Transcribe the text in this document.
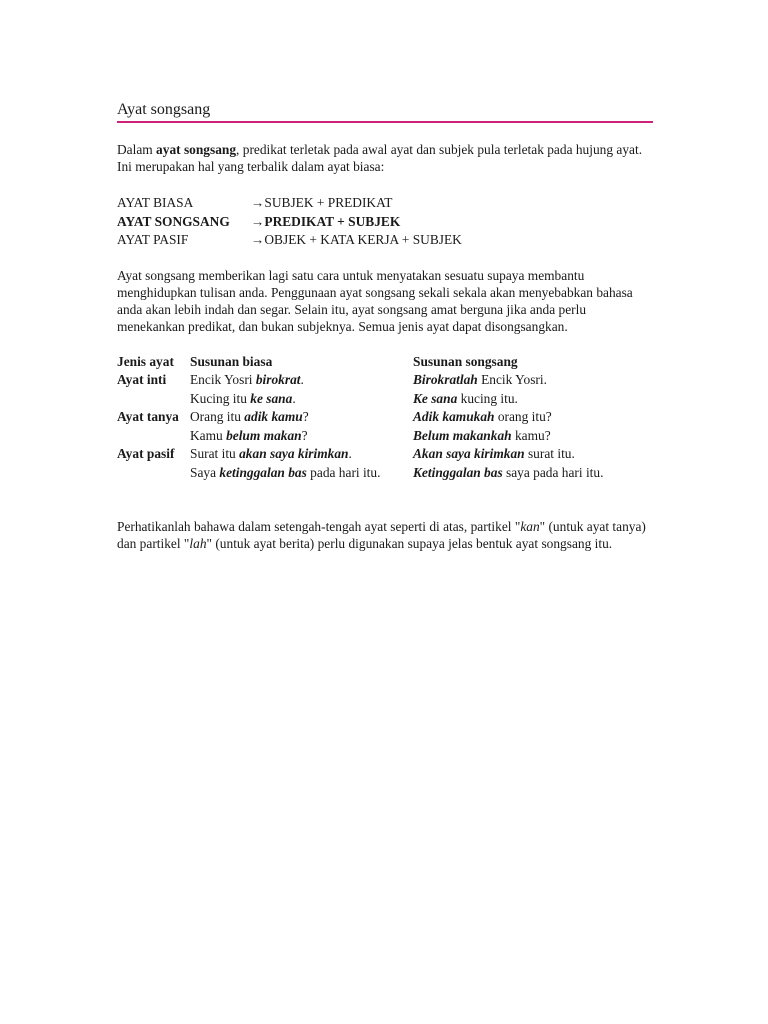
Ayat songsang

Dalam ayat songsang, predikat terletak pada awal ayat dan subjek pula terletak pada hujung ayat. Ini merupakan hal yang terbalik dalam ayat biasa:

AYAT BIASA	→SUBJEK + PREDIKAT
AYAT SONGSANG	→PREDIKAT + SUBJEK
AYAT PASIF	→OBJEK + KATA KERJA + SUBJEK

Ayat songsang memberikan lagi satu cara untuk menyatakan sesuatu supaya membantu menghidupkan tulisan anda. Penggunaan ayat songsang sekali sekala akan menyebabkan bahasa anda akan lebih indah dan segar. Selain itu, ayat songsang amat berguna jika anda perlu menekankan predikat, dan bukan subjeknya. Semua jenis ayat dapat disongsangkan.

Jenis ayat	Susunan biasa	Susunan songsang
Ayat inti	Encik Yosri birokrat.	Birokratlah Encik Yosri.
	Kucing itu ke sana.	Ke sana kucing itu.
Ayat tanya	Orang itu adik kamu?	Adik kamukah orang itu?
	Kamu belum makan?	Belum makankah kamu?
Ayat pasif	Surat itu akan saya kirimkan.	Akan saya kirimkan surat itu.
	Saya ketinggalan bas pada hari itu.	Ketinggalan bas saya pada hari itu.

Perhatikanlah bahawa dalam setengah-tengah ayat seperti di atas, partikel "kan" (untuk ayat tanya) dan partikel "lah" (untuk ayat berita) perlu digunakan supaya jelas bentuk ayat songsang itu.
